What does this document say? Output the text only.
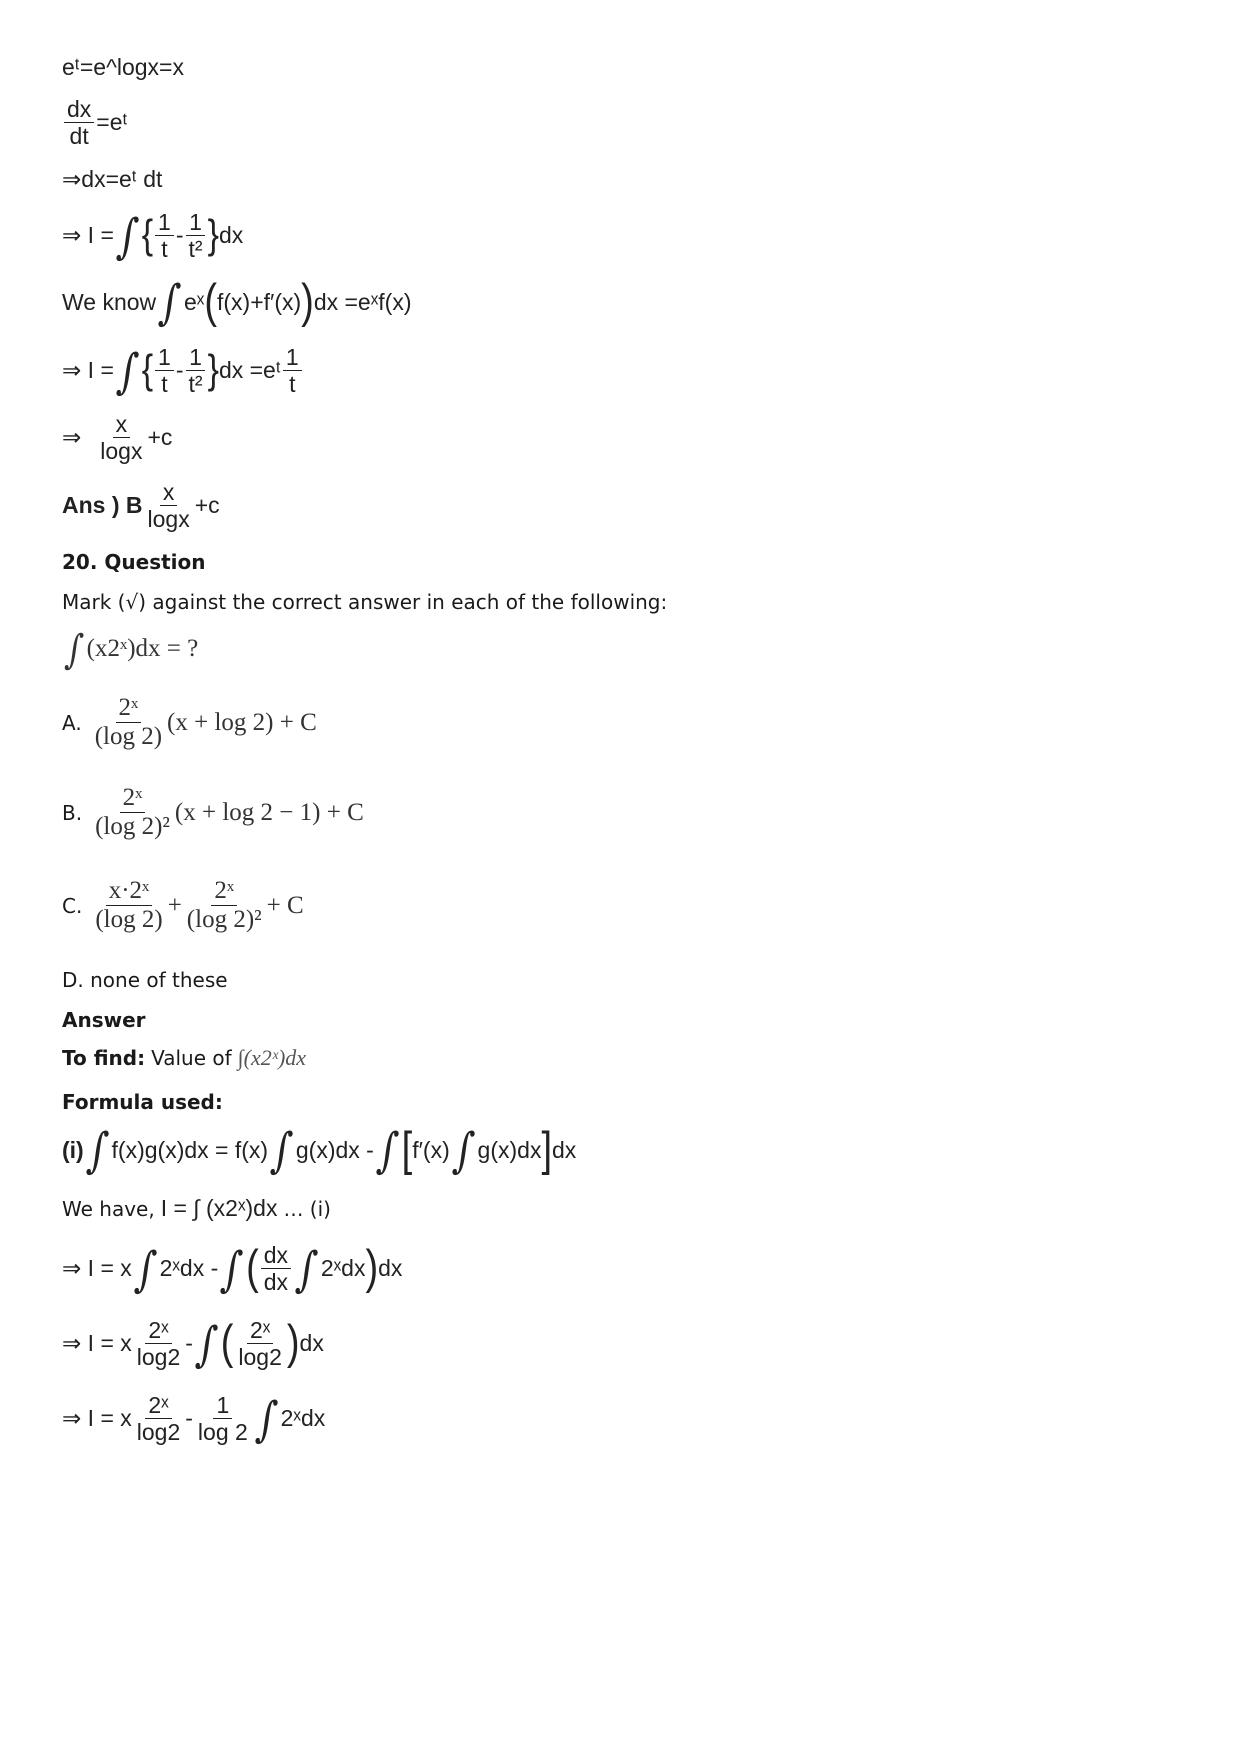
eᵗ=e^logx=x
$\frac{dx}{dt}$ =eᵗ
⇒dx=eᵗ dt
⇒ I = ∫ { $\frac{1}{t} - \frac{1}{\text{t²}}$ } dx
We know ∫ eˣ ( f(x)+f′(x) ) dx =eˣf(x)
⇒ I = ∫ { $\frac{1}{t} - \frac{1}{\text{t²}}$ } dx =eᵗ $\frac{1}{t}$
⇒ $\frac{x}{\log x} +c$
Ans ) B $\frac{x}{\log x} +c$
20. Question
Mark (√) against the correct answer in each of the following:
∫ (x2ˣ)dx = ?
A. $\frac{\text{2ˣ}}{(\log 2)} (x + \log 2) + C$
B. $\frac{\text{2ˣ}}{\text{(log 2)²}} (x + \log 2 - 1) + C$
C. $\frac{\text{x·2ˣ}}{(\log 2)} + \frac{\text{2ˣ}}{\text{(log 2)²}} + C$
D. none of these
Answer
To find: Value of ∫(x2ˣ)dx
Formula used:
(i) ∫ f(x)g(x)dx = f(x) ∫ g(x)dx - ∫ [ f′(x) ∫ g(x)dx ] dx
We have, I = ∫ (x2ˣ)dx … (i)
⇒ I = x ∫ 2ˣdx - ∫ ( $\frac{dx}{dx}$ ∫ 2ˣdx ) dx
⇒ I = x $\frac{\text{2ˣ}}{\log 2}$ - ∫ ( $\frac{\text{2ˣ}}{\log 2}$ ) dx
⇒ I = x $\frac{\text{2ˣ}}{\log 2} - \frac{1}{\log 2}$ ∫ 2ˣdx
